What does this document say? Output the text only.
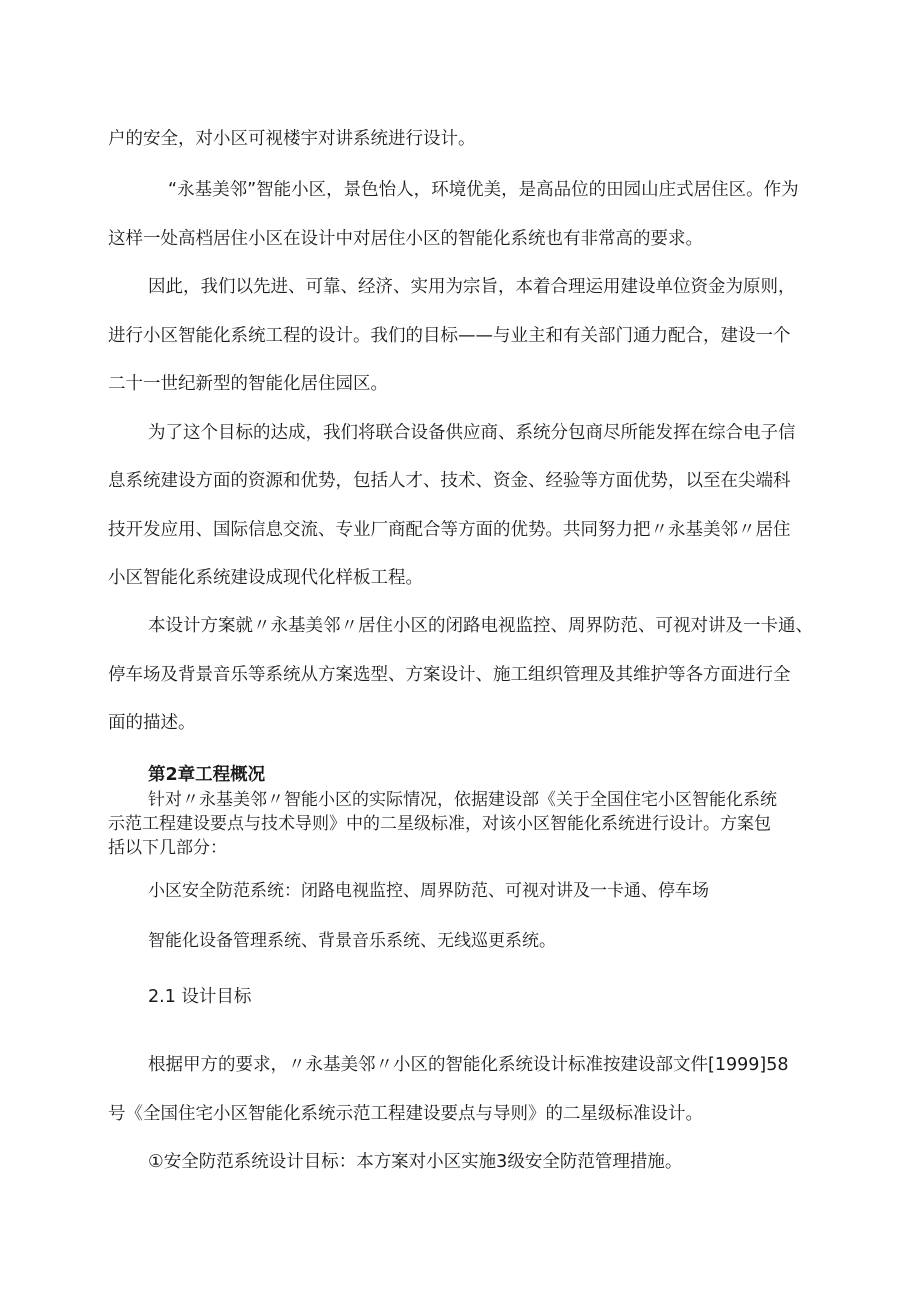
户的安全，对小区可视楼宇对讲系统进行设计。
“永基美邻”智能小区，景色怡人，环境优美，是高品位的田园山庄式居住区。作为
这样一处高档居住小区在设计中对居住小区的智能化系统也有非常高的要求。
因此，我们以先进、可靠、经济、实用为宗旨，本着合理运用建设单位资金为原则，
进行小区智能化系统工程的设计。我们的目标——与业主和有关部门通力配合，建设一个
二十一世纪新型的智能化居住园区。
为了这个目标的达成，我们将联合设备供应商、系统分包商尽所能发挥在综合电子信
息系统建设方面的资源和优势，包括人才、技术、资金、经验等方面优势，以至在尖端科
技开发应用、国际信息交流、专业厂商配合等方面的优势。共同努力把〃永基美邻〃居住
小区智能化系统建设成现代化样板工程。
本设计方案就〃永基美邻〃居住小区的闭路电视监控、周界防范、可视对讲及一卡通、
停车场及背景音乐等系统从方案选型、方案设计、施工组织管理及其维护等各方面进行全
面的描述。
第2章工程概况
针对〃永基美邻〃智能小区的实际情况，依据建设部《关于全国住宅小区智能化系统
示范工程建设要点与技术导则》中的二星级标准，对该小区智能化系统进行设计。方案包
括以下几部分：
小区安全防范系统：闭路电视监控、周界防范、可视对讲及一卡通、停车场
智能化设备管理系统、背景音乐系统、无线巡更系统。
2.1 设计目标
根据甲方的要求，〃永基美邻〃小区的智能化系统设计标准按建设部文件[1999]58
号《全国住宅小区智能化系统示范工程建设要点与导则》的二星级标准设计。
①安全防范系统设计目标：本方案对小区实施3级安全防范管理措施。
